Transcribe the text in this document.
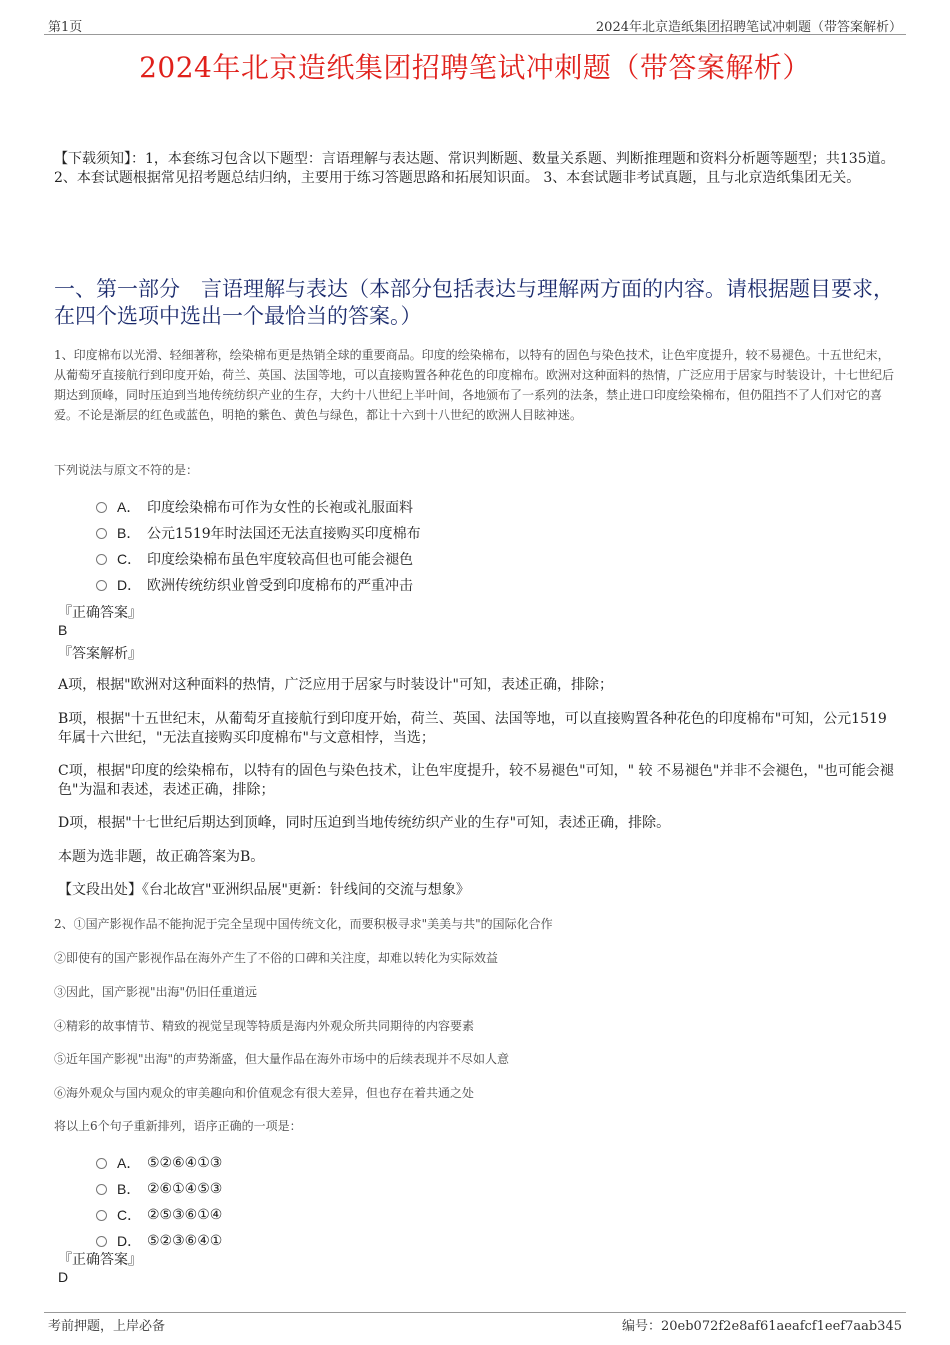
第1页	2024年北京造纸集团招聘笔试冲刺题（带答案解析）
2024年北京造纸集团招聘笔试冲刺题（带答案解析）
【下载须知】：1，本套练习包含以下题型：言语理解与表达题、常识判断题、数量关系题、判断推理题和资料分析题等题型；共135道。 2、本套试题根据常见招考题总结归纳，主要用于练习答题思路和拓展知识面。 3、本套试题非考试真题，且与北京造纸集团无关。
一、第一部分　言语理解与表达（本部分包括表达与理解两方面的内容。请根据题目要求，在四个选项中选出一个最恰当的答案。）
1、印度棉布以光滑、轻细著称，绘染棉布更是热销全球的重要商品。印度的绘染棉布，以特有的固色与染色技术，让色牢度提升，较不易褪色。十五世纪末，从葡萄牙直接航行到印度开始，荷兰、英国、法国等地，可以直接购置各种花色的印度棉布。欧洲对这种面料的热情，广泛应用于居家与时装设计，十七世纪后期达到顶峰，同时压迫到当地传统纺织产业的生存，大约十八世纪上半叶间，各地颁布了一系列的法条，禁止进口印度绘染棉布，但仍阻挡不了人们对它的喜爱。不论是渐层的红色或蓝色，明艳的紫色、黄色与绿色，都让十六到十八世纪的欧洲人目眩神迷。
下列说法与原文不符的是：
A． 印度绘染棉布可作为女性的长袍或礼服面料
B． 公元1519年时法国还无法直接购买印度棉布
C． 印度绘染棉布虽色牢度较高但也可能会褪色
D． 欧洲传统纺织业曾受到印度棉布的严重冲击
『正确答案』
B
『答案解析』
A项，根据"欧洲对这种面料的热情，广泛应用于居家与时装设计"可知，表述正确，排除；
B项，根据"十五世纪末，从葡萄牙直接航行到印度开始，荷兰、英国、法国等地，可以直接购置各种花色的印度棉布"可知，公元1519年属十六世纪，"无法直接购买印度棉布"与文意相悖，当选；
C项，根据"印度的绘染棉布，以特有的固色与染色技术，让色牢度提升，较不易褪色"可知，" 较 不易褪色"并非不会褪色，"也可能会褪色"为温和表述，表述正确，排除；
D项，根据"十七世纪后期达到顶峰，同时压迫到当地传统纺织产业的生存"可知，表述正确，排除。
本题为选非题，故正确答案为B。
【文段出处】《台北故宫"亚洲织品展"更新：针线间的交流与想象》
2、①国产影视作品不能拘泥于完全呈现中国传统文化，而要积极寻求"美美与共"的国际化合作
②即使有的国产影视作品在海外产生了不俗的口碑和关注度，却难以转化为实际效益
③因此，国产影视"出海"仍旧任重道远
④精彩的故事情节、精致的视觉呈现等特质是海内外观众所共同期待的内容要素
⑤近年国产影视"出海"的声势渐盛，但大量作品在海外市场中的后续表现并不尽如人意
⑥海外观众与国内观众的审美趣向和价值观念有很大差异，但也存在着共通之处
将以上6个句子重新排列，语序正确的一项是：
A． ⑤②⑥④①③
B． ②⑥①④⑤③
C． ②⑤③⑥①④
D． ⑤②③⑥④①
『正确答案』
D
考前押题，上岸必备	编号：20eb072f2e8af61aeafcf1eef7aab345
